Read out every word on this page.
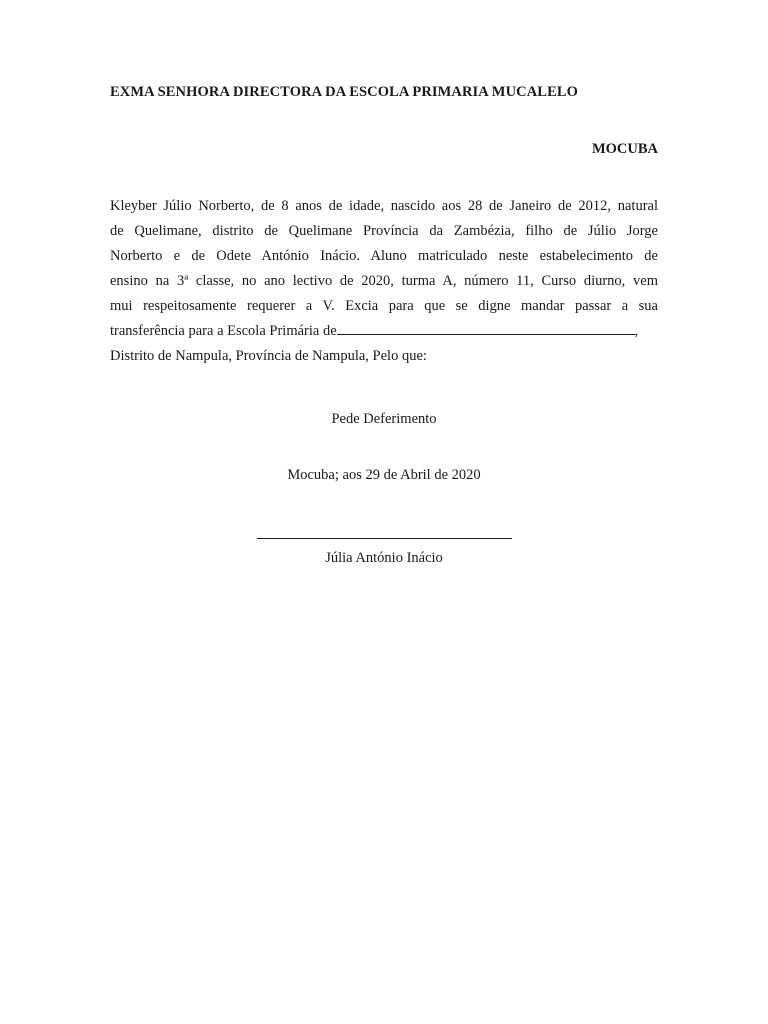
EXMA SENHORA DIRECTORA DA ESCOLA PRIMARIA MUCALELO
MOCUBA
Kleyber Júlio Norberto, de 8 anos de idade, nascido aos 28 de Janeiro de 2012, natural
de Quelimane, distrito de Quelimane Província da Zambézia, filho de Júlio Jorge
Norberto e de Odete António Inácio. Aluno matriculado neste estabelecimento de
ensino na 3ª classe, no ano lectivo de 2020, turma A, número 11, Curso diurno, vem
mui respeitosamente requerer a V. Excia para que se digne mandar passar a sua
transferência para a Escola Primária de	,
Distrito de Nampula, Província de Nampula, Pelo que:
Pede Deferimento
Mocuba; aos 29 de Abril de 2020
Júlia António Inácio
